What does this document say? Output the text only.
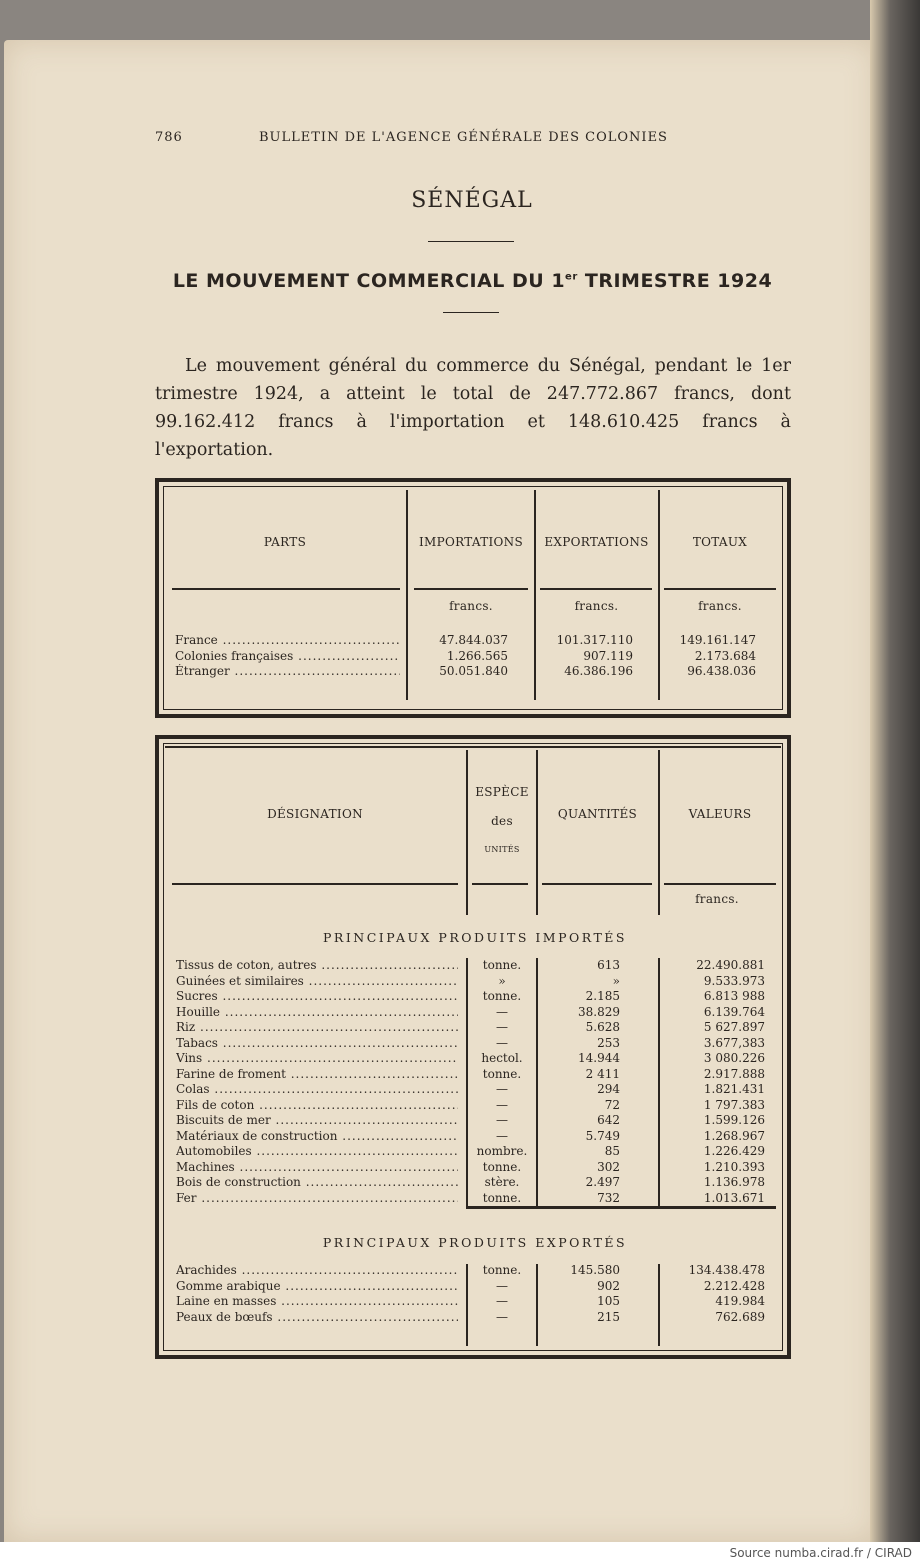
786	BULLETIN DE L'AGENCE GÉNÉRALE DES COLONIES
SÉNÉGAL
LE MOUVEMENT COMMERCIAL DU 1er TRIMESTRE 1924
Le mouvement général du commerce du Sénégal, pendant le 1er trimestre 1924, a atteint le total de 247.772.867 francs, dont 99.162.412 francs à l'importation et 148.610.425 francs à l'exportation.
PARTS	IMPORTATIONS	EXPORTATIONS	TOTAUX
francs.	francs.	francs.
France .....	47.844.037	101.317.110	149.161.147
Colonies françaises .....	1.266.565	907.119	2.173.684
Étranger .....	50.051.840	46.386.196	96.438.036
DÉSIGNATION
ESPÈCE
des
UNITÉS
QUANTITÉS	VALEURS
francs.
PRINCIPAUX PRODUITS IMPORTÉS
PRINCIPAUX PRODUITS EXPORTÉS
Tissus de coton, autres .....	tonne.	613	22.490.881
Guinées et similaires .....	»	»	9.533.973
Sucres .....	tonne.	2.185	6.813 988
Houille .....	—	38.829	6.139.764
Riz .....	—	5.628	5 627.897
Tabacs .....	—	253	3.677,383
Vins .....	hectol.	14.944	3 080.226
Farine de froment .....	tonne.	2 411	2.917.888
Colas .....	—	294	1.821.431
Fils de coton .....	—	72	1 797.383
Biscuits de mer .....	—	642	1.599.126
Matériaux de construction .....	—	5.749	1.268.967
Automobiles .....	nombre.	85	1.226.429
Machines .....	tonne.	302	1.210.393
Bois de construction .....	stère.	2.497	1.136.978
Fer .....	tonne.	732	1.013.671
Arachides .....	tonne.	145.580	134.438.478
Gomme arabique .....	—	902	2.212.428
Laine en masses .....	—	105	419.984
Peaux de bœufs .....	—	215	762.689
Source numba.cirad.fr / CIRAD
